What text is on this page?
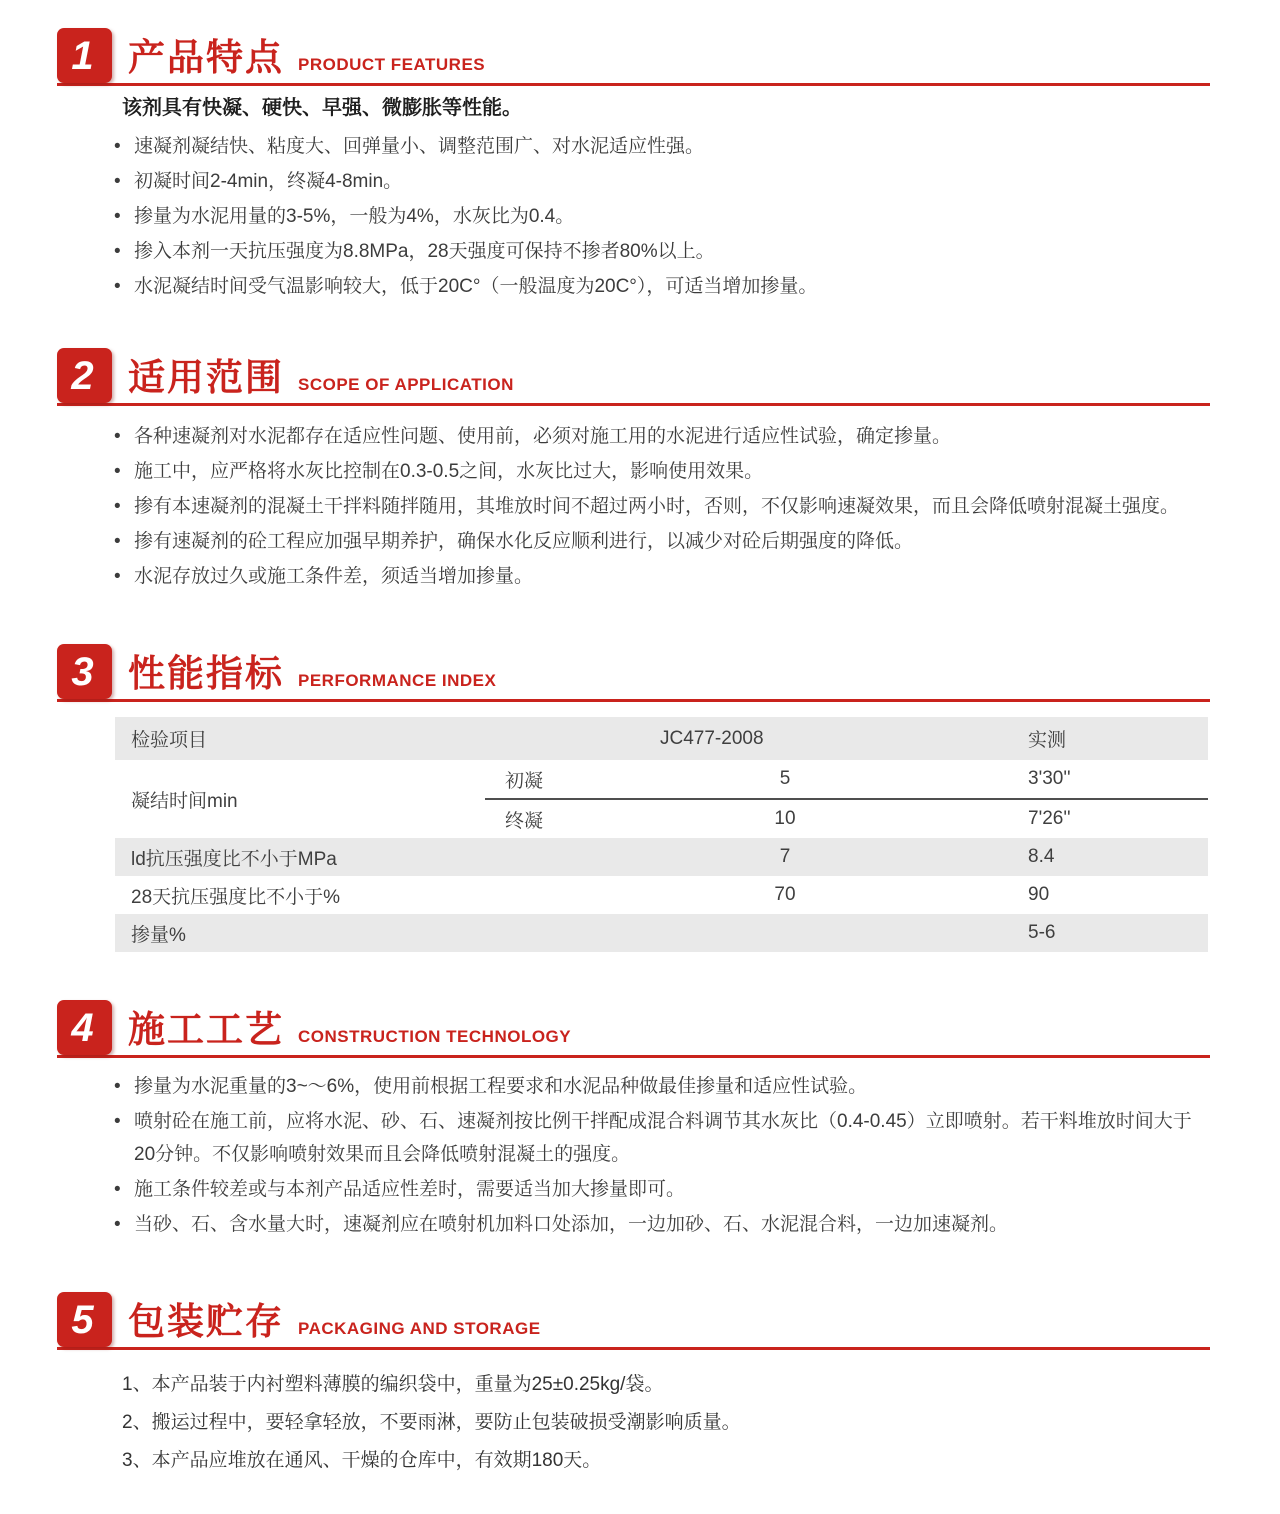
1 产品特点 PRODUCT FEATURES

该剂具有快凝、硬快、早强、微膨胀等性能。

• 速凝剂凝结快、粘度大、回弹量小、调整范围广、对水泥适应性强。
• 初凝时间2-4min，终凝4-8min。
• 掺量为水泥用量的3-5%，一般为4%，水灰比为0.4。
• 掺入本剂一天抗压强度为8.8MPa，28天强度可保持不掺者80%以上。
• 水泥凝结时间受气温影响较大，低于20C°（一般温度为20C°），可适当增加掺量。
2 适用范围 SCOPE OF APPLICATION
• 各种速凝剂对水泥都存在适应性问题、使用前，必须对施工用的水泥进行适应性试验，确定掺量。
• 施工中，应严格将水灰比控制在0.3-0.5之间，水灰比过大，影响使用效果。
• 掺有本速凝剂的混凝土干拌料随拌随用，其堆放时间不超过两小时，否则，不仅影响速凝效果，而且会降低喷射混凝土强度。
• 掺有速凝剂的砼工程应加强早期养护，确保水化反应顺利进行，以减少对砼后期强度的降低。
• 水泥存放过久或施工条件差，须适当增加掺量。
3 性能指标 PERFORMANCE INDEX
检验项目		JC477-2008	实测
凝结时间min	初凝	5	3'30''
	终凝	10	7'26''
ld抗压强度比不小于MPa		7	8.4
28天抗压强度比不小于%		70	90
掺量%			5-6
4 施工工艺 CONSTRUCTION TECHNOLOGY
• 掺量为水泥重量的3~～6%，使用前根据工程要求和水泥品种做最佳掺量和适应性试验。
• 喷射砼在施工前，应将水泥、砂、石、速凝剂按比例干拌配成混合料调节其水灰比（0.4-0.45）立即喷射。若干料堆放时间大于20分钟。不仅影响喷射效果而且会降低喷射混凝土的强度。
• 施工条件较差或与本剂产品适应性差时，需要适当加大掺量即可。
• 当砂、石、含水量大时，速凝剂应在喷射机加料口处添加，一边加砂、石、水泥混合料，一边加速凝剂。
5 包装贮存 PACKAGING AND STORAGE
1、本产品装于内衬塑料薄膜的编织袋中，重量为25±0.25kg/袋。
2、搬运过程中，要轻拿轻放，不要雨淋，要防止包装破损受潮影响质量。
3、本产品应堆放在通风、干燥的仓库中，有效期180天。
